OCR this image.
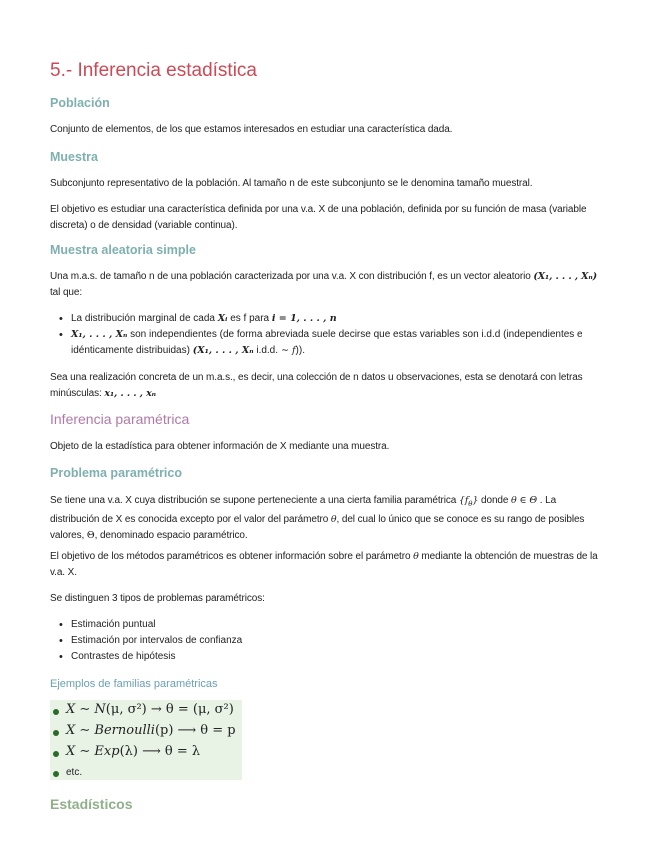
5.- Inferencia estadística
Población

Conjunto de elementos, de los que estamos interesados en estudiar una característica dada.

Muestra

Subconjunto representativo de la población. Al tamaño n de este subconjunto se le denomina tamaño muestral.

El objetivo es estudiar una característica definida por una v.a. X de una población, definida por su función de masa (variable discreta) o de densidad (variable continua).

Muestra aleatoria simple

Una m.a.s. de tamaño n de una población caracterizada por una v.a. X con distribución f, es un vector aleatorio (X₁, . . . , Xₙ)
tal que:

• La distribución marginal de cada Xᵢ es f para i = 1, . . . , n
• X₁, . . . , Xₙ son independientes (de forma abreviada suele decirse que estas variables son i.d.d (independientes e idénticamente distribuidas) (X₁, . . . , Xₙ i.d.d. ∼ f)).

Sea una realización concreta de un m.a.s., es decir, una colección de n datos u observaciones, esta se denotará con letras minúsculas: x₁, . . . , xₙ

Inferencia paramétrica

Objeto de la estadística para obtener información de X mediante una muestra.

Problema paramétrico

Se tiene una v.a. X cuya distribución se supone perteneciente a una cierta familia paramétrica $\{f_\theta\}$ donde θ ∈ Θ . La distribución de X es conocida excepto por el valor del parámetro θ, del cual lo único que se conoce es su rango de posibles valores, Θ, denominado espacio paramétrico.

El objetivo de los métodos paramétricos es obtener información sobre el parámetro θ mediante la obtención de muestras de la v.a. X.

Se distinguen 3 tipos de problemas paramétricos:

• Estimación puntual
• Estimación por intervalos de confianza
• Contrastes de hipótesis
Ejemplos de familias paramétricas
X ∼ N(μ, σ²) → θ = (μ, σ²)
X ∼ Bernoulli(p) ⟶ θ = p
X ∼ Exp(λ) ⟶ θ = λ
etc.
Estadísticos
